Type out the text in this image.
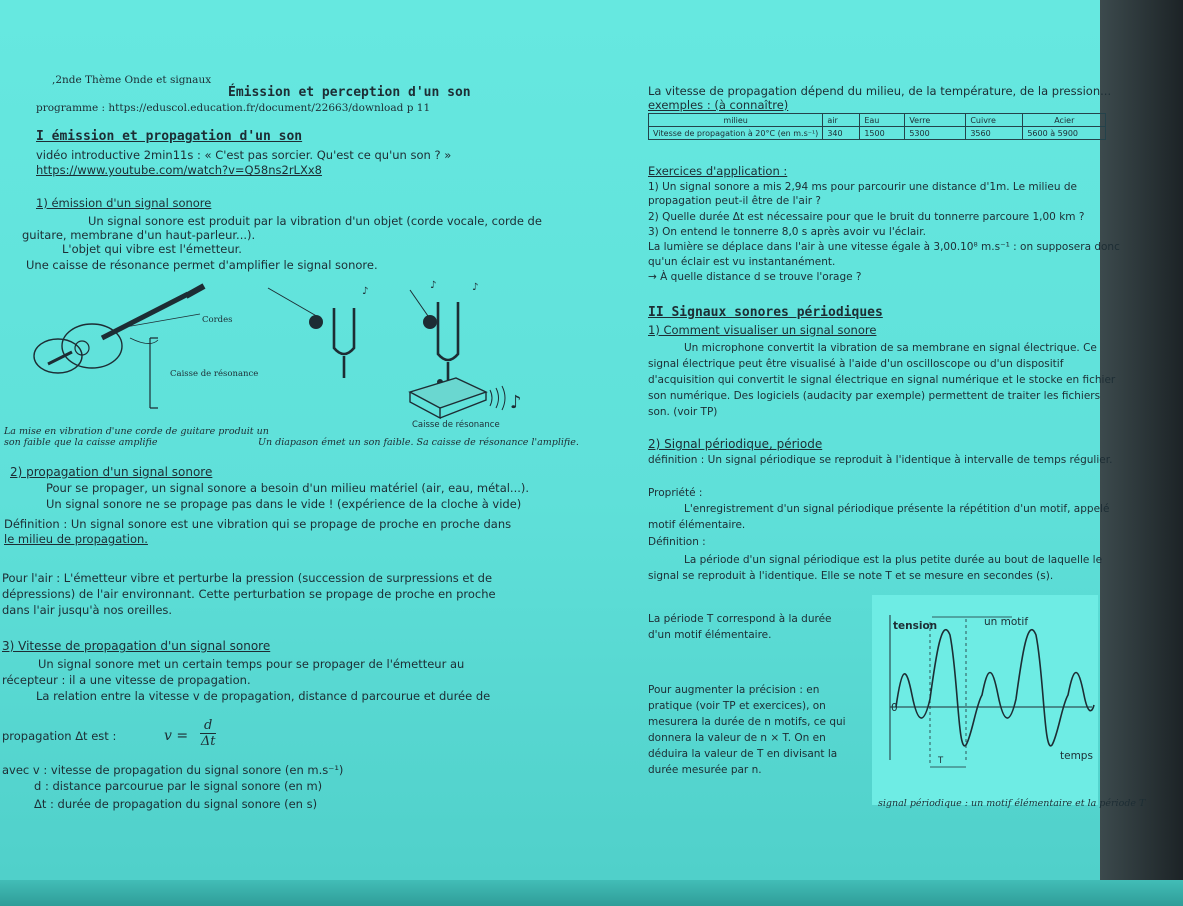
,2nde Thème Onde et signaux
Émission et perception d'un son
programme : https://eduscol.education.fr/document/22663/download p 11
I émission et propagation d'un son
vidéo introductive 2min11s : « C'est pas sorcier. Qu'est ce qu'un son ? »
https://www.youtube.com/watch?v=Q58ns2rLXx8
1) émission d'un signal sonore
Un signal sonore est produit par la vibration d'un objet (corde vocale, corde de
guitare, membrane d'un haut-parleur...).
L'objet qui vibre est l'émetteur.
Une caisse de résonance permet d'amplifier le signal sonore.
♪
♪
♪	♪
Cordes
Caisse de résonance
Caisse de résonance
La mise en vibration d'une corde de guitare produit un
son faible que la caisse amplifie	Un diapason émet un son faible. Sa caisse de résonance l'amplifie.
2) propagation d'un signal sonore
Pour se propager, un signal sonore a besoin d'un milieu matériel (air, eau, métal...).
Un signal sonore ne se propage pas dans le vide ! (expérience de la cloche à vide)
Définition : Un signal sonore est une vibration qui se propage de proche en proche dans
le milieu de propagation.
Pour l'air : L'émetteur vibre et perturbe la pression (succession de surpressions et de
dépressions) de l'air environnant. Cette perturbation se propage de proche en proche
dans l'air jusqu'à nos oreilles.
3) Vitesse de propagation d'un signal sonore
Un signal sonore met un certain temps pour se propager de l'émetteur au
récepteur : il a une vitesse de propagation.
La relation entre la vitesse v de propagation, distance d parcourue et durée de
propagation Δt est :	$v = \frac{d}{\Delta t}$
avec v : vitesse de propagation du signal sonore (en m.s⁻¹)
d : distance parcourue par le signal sonore (en m)
Δt : durée de propagation du signal sonore (en s)
La vitesse de propagation dépend du milieu, de la température, de la pression...
exemples : (à connaître)
milieu	air	Eau	Verre	Cuivre	Acier
Vitesse de propagation à 20°C (en m.s⁻¹)	340	1500	5300	3560	5600 à 5900
Exercices d'application :
1) Un signal sonore a mis 2,94 ms pour parcourir une distance d'1m. Le milieu de
propagation peut-il être de l'air ?
2) Quelle durée Δt est nécessaire pour que le bruit du tonnerre parcoure 1,00 km ?
3) On entend le tonnerre 8,0 s après avoir vu l'éclair.
La lumière se déplace dans l'air à une vitesse égale à 3,00.10⁸ m.s⁻¹ : on supposera donc
qu'un éclair est vu instantanément.
→ À quelle distance d se trouve l'orage ?
II Signaux sonores périodiques
1) Comment visualiser un signal sonore
Un microphone convertit la vibration de sa membrane en signal électrique. Ce
signal électrique peut être visualisé à l'aide d'un oscilloscope ou d'un dispositif
d'acquisition qui convertit le signal électrique en signal numérique et le stocke en fichier
son numérique. Des logiciels (audacity par exemple) permettent de traiter les fichiers
son. (voir TP)
2) Signal périodique, période
définition : Un signal périodique se reproduit à l'identique à intervalle de temps régulier.
Propriété :
L'enregistrement d'un signal périodique présente la répétition d'un motif, appelé
motif élémentaire.
Définition :
La période d'un signal périodique est la plus petite durée au bout de laquelle le
signal se reproduit à l'identique. Elle se note T et se mesure en secondes (s).
La période T correspond à la durée
d'un motif élémentaire.
Pour augmenter la précision : en
pratique (voir TP et exercices), on
mesurera la durée de n motifs, ce qui
donnera la valeur de n × T. On en
déduira la valeur de T en divisant la
durée mesurée par n.
tension	un motif
0
T	temps
signal périodique : un motif élémentaire et la période T
